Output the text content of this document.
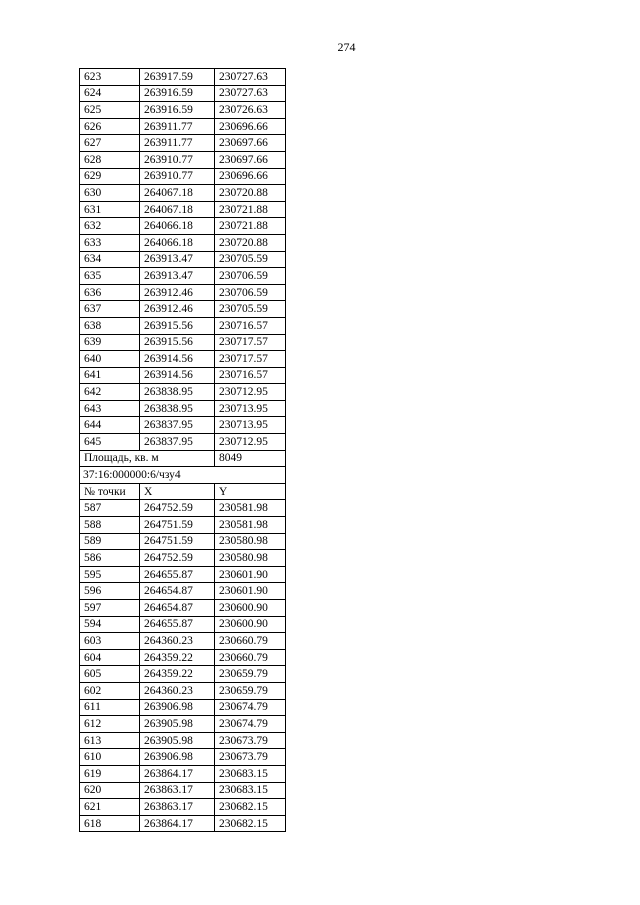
274
623	263917.59	230727.63
624	263916.59	230727.63
625	263916.59	230726.63
626	263911.77	230696.66
627	263911.77	230697.66
628	263910.77	230697.66
629	263910.77	230696.66
630	264067.18	230720.88
631	264067.18	230721.88
632	264066.18	230721.88
633	264066.18	230720.88
634	263913.47	230705.59
635	263913.47	230706.59
636	263912.46	230706.59
637	263912.46	230705.59
638	263915.56	230716.57
639	263915.56	230717.57
640	263914.56	230717.57
641	263914.56	230716.57
642	263838.95	230712.95
643	263838.95	230713.95
644	263837.95	230713.95
645	263837.95	230712.95
Площадь, кв. м		8049
37:16:000000:6/чзу4		
№ точки	X	Y
587	264752.59	230581.98
588	264751.59	230581.98
589	264751.59	230580.98
586	264752.59	230580.98
595	264655.87	230601.90
596	264654.87	230601.90
597	264654.87	230600.90
594	264655.87	230600.90
603	264360.23	230660.79
604	264359.22	230660.79
605	264359.22	230659.79
602	264360.23	230659.79
611	263906.98	230674.79
612	263905.98	230674.79
613	263905.98	230673.79
610	263906.98	230673.79
619	263864.17	230683.15
620	263863.17	230683.15
621	263863.17	230682.15
618	263864.17	230682.15
